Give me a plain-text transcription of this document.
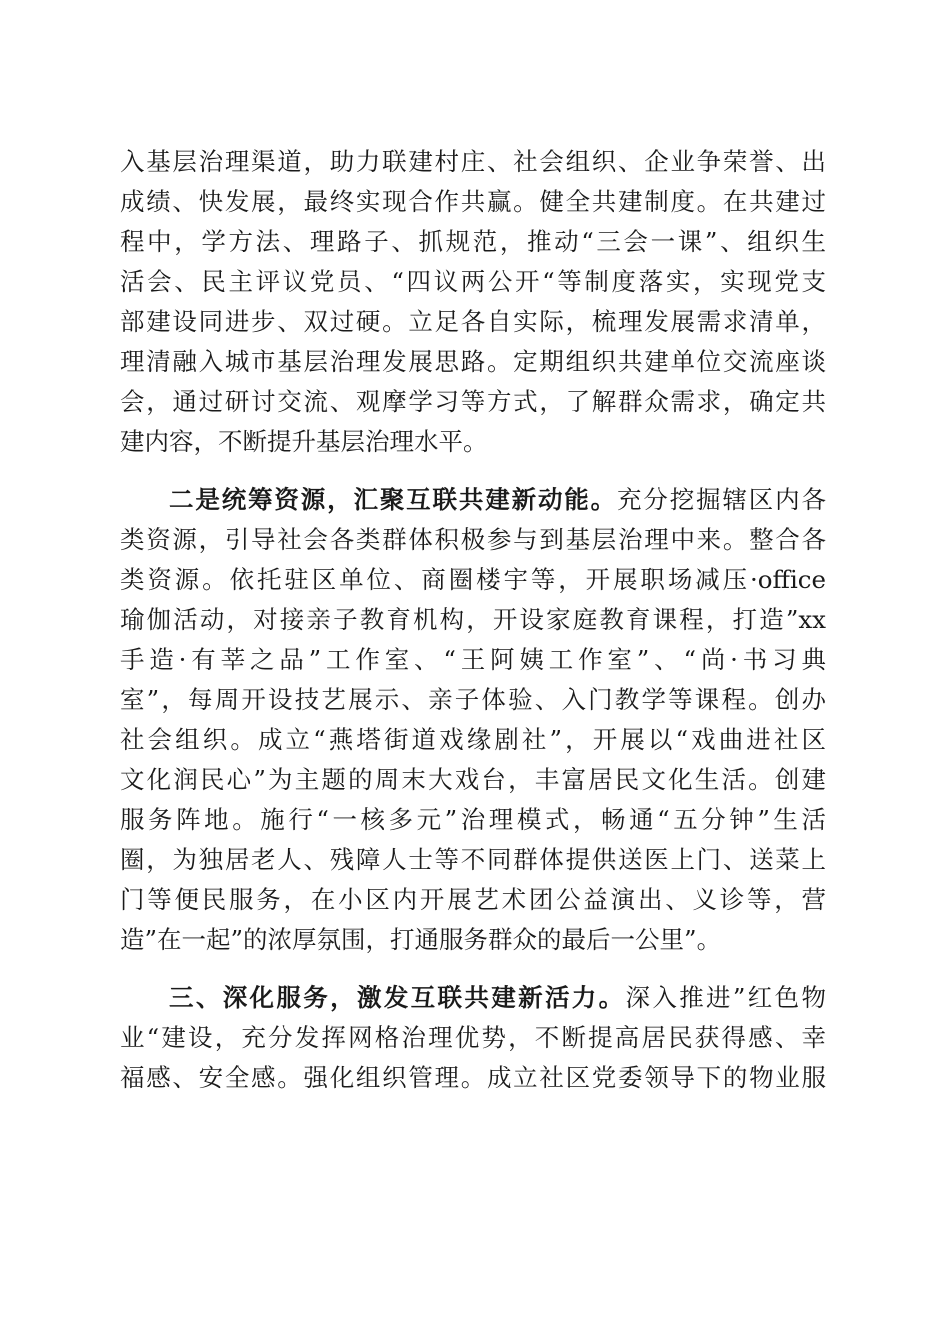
入基层治理渠道，助力联建村庄、社会组织、企业争荣誉、出
成绩、快发展，最终实现合作共赢。健全共建制度。在共建过
程中，学方法、理路子、抓规范，推动“三会一课”、组织生
活会、民主评议党员、“四议两公开“等制度落实，实现党支
部建设同进步、双过硬。立足各自实际，梳理发展需求清单，
理清融入城市基层治理发展思路。定期组织共建单位交流座谈
会，通过研讨交流、观摩学习等方式，了解群众需求，确定共
建内容，不断提升基层治理水平。
二是统筹资源，汇聚互联共建新动能。充分挖掘辖区内各
类资源，引导社会各类群体积极参与到基层治理中来。整合各
类资源。依托驻区单位、商圈楼宇等，开展职场减压·office
瑜伽活动，对接亲子教育机构，开设家庭教育课程，打造”xx
手造·有莘之品”工作室、“王阿姨工作室”、“尚·书习典
室”，每周开设技艺展示、亲子体验、入门教学等课程。创办
社会组织。成立“燕塔街道戏缘剧社”，开展以“戏曲进社区
文化润民心”为主题的周末大戏台，丰富居民文化生活。创建
服务阵地。施行“一核多元”治理模式，畅通“五分钟”生活
圈，为独居老人、残障人士等不同群体提供送医上门、送菜上
门等便民服务，在小区内开展艺术团公益演出、义诊等，营
造”在一起”的浓厚氛围，打通服务群众的最后一公里”。
三、深化服务，激发互联共建新活力。深入推进”红色物
业“建设，充分发挥网格治理优势，不断提高居民获得感、幸
福感、安全感。强化组织管理。成立社区党委领导下的物业服
